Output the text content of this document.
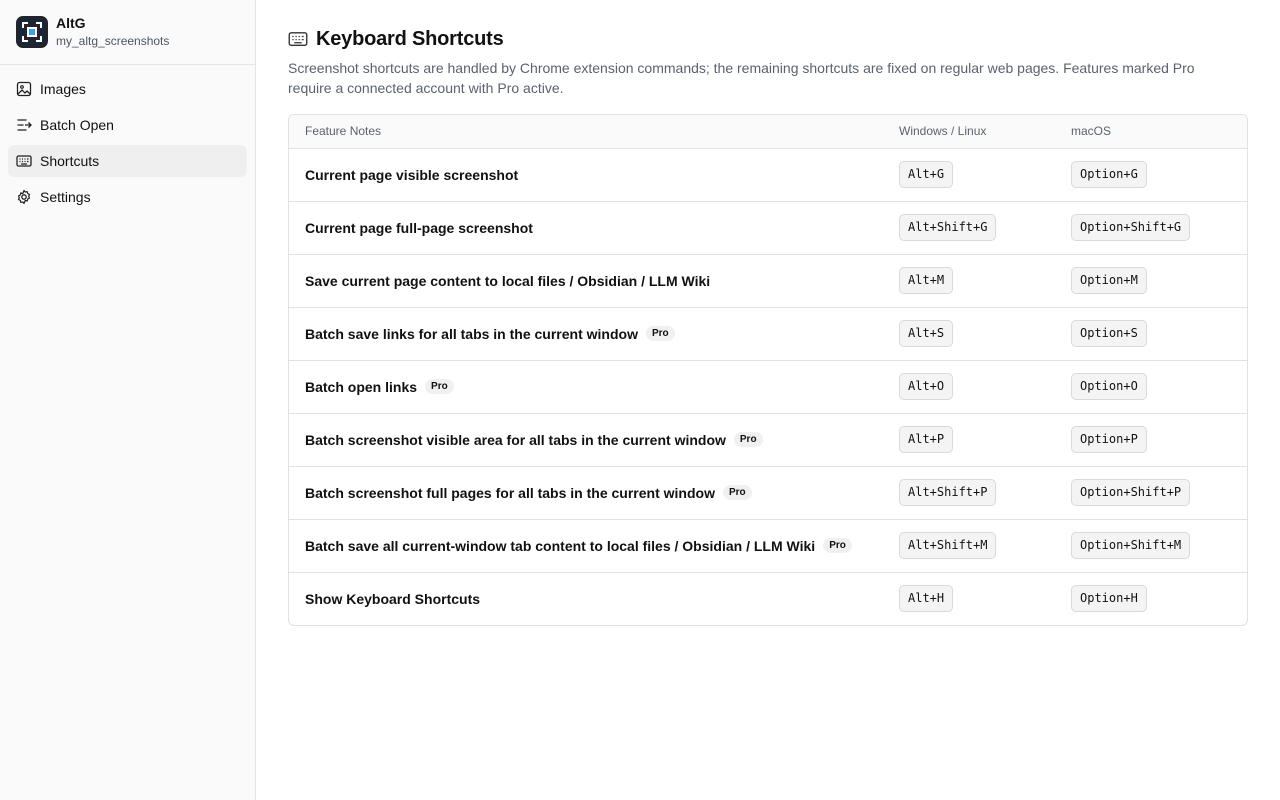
AltG
my_altg_screenshots
Images
Batch Open
Shortcuts
Settings
Keyboard Shortcuts

Screenshot shortcuts are handled by Chrome extension commands; the remaining shortcuts are fixed on regular web pages. Features marked Pro require a connected account with Pro active.

Feature Notes	Windows / Linux	macOS

Current page visible screenshot	Alt+G	Option+G

Current page full-page screenshot	Alt+Shift+G	Option+Shift+G

Save current page content to local files / Obsidian / LLM Wiki	Alt+M	Option+M

Batch save links for all tabs in the current window Pro	Alt+S	Option+S

Batch open links Pro	Alt+O	Option+O

Batch screenshot visible area for all tabs in the current window Pro	Alt+P	Option+P

Batch screenshot full pages for all tabs in the current window Pro	Alt+Shift+P	Option+Shift+P

Batch save all current-window tab content to local files / Obsidian / LLM Wiki Pro	Alt+Shift+M	Option+Shift+M

Show Keyboard Shortcuts	Alt+H	Option+H
